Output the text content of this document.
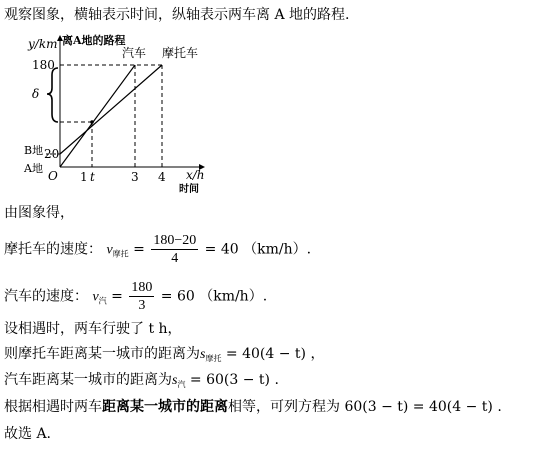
观察图象，横轴表示时间，纵轴表示两车离 A 地的路程.
δ
y/km 离A地的路程
180
20
B地
A地
O 1 t	3 4 x/h
时间
汽车 摩托车
由图象得，
摩托车的速度： $v_{摩托} = \frac{180-20}{4} = 40$ （km/h）.
汽车的速度： $v_汽 = \frac{180}{3} = 60$ （km/h）.
设相遇时，两车行驶了 t h，
则摩托车距离某一城市的距离为$s_{摩托} = 40(4 - t)$ ，
汽车距离某一城市的距离为$s_汽 = 60(3 - t)$ .
根据相遇时两车距离某一城市的距离相等，可列方程为 60(3 − t) = 40(4 − t) .
故选 A.
